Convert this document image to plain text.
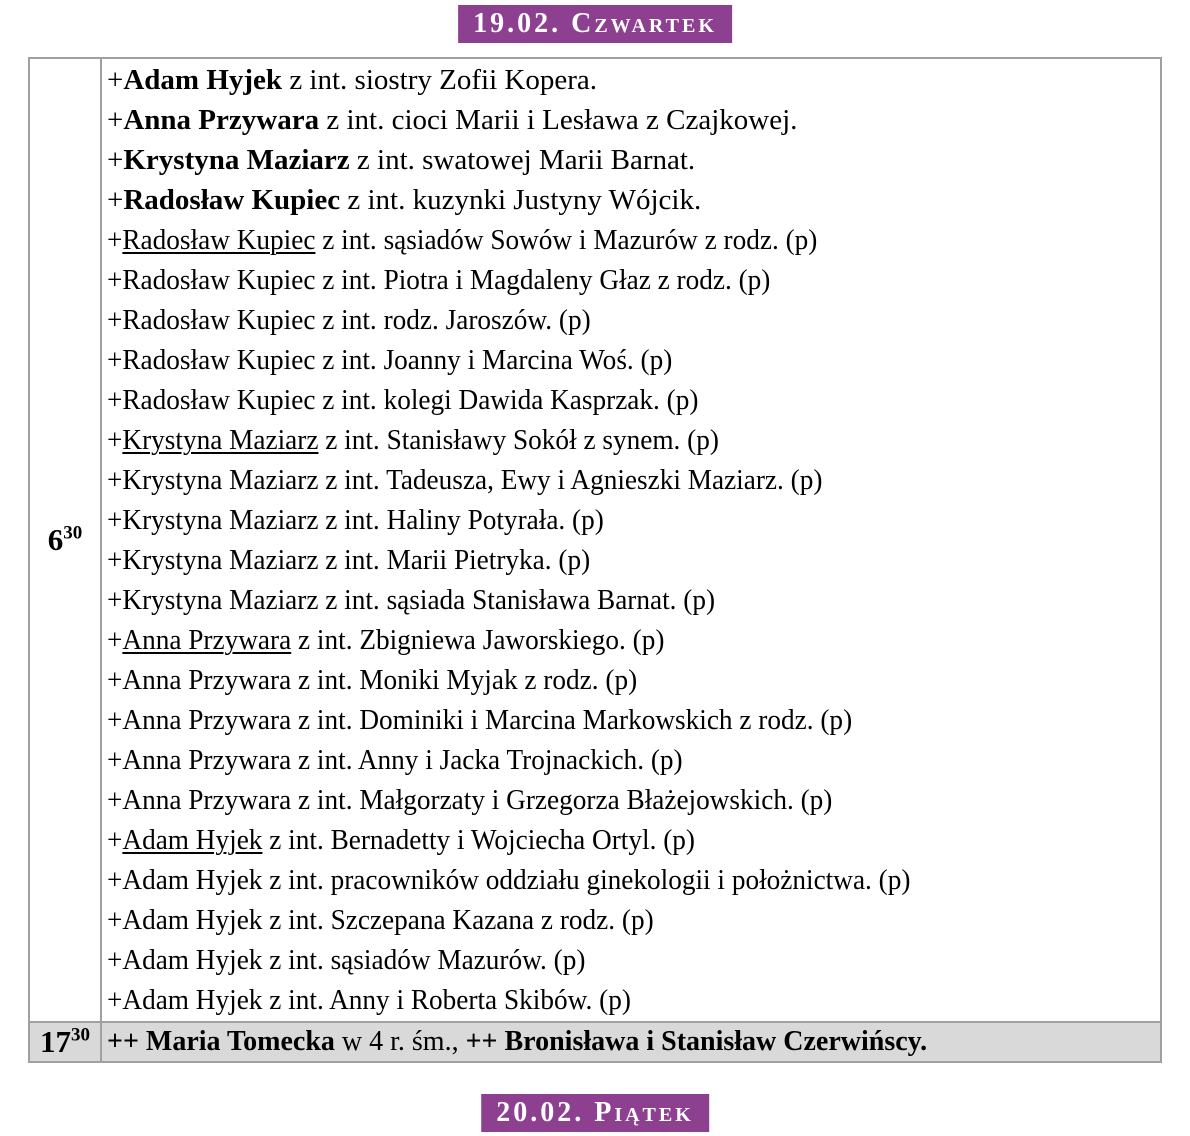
19.02. Czwartek
$6^{30}$
+Adam Hyjek z int. siostry Zofii Kopera.
+Anna Przywara z int. cioci Marii i Lesława z Czajkowej.
+Krystyna Maziarz z int. swatowej Marii Barnat.
+Radosław Kupiec z int. kuzynki Justyny Wójcik.
+Radosław Kupiec z int. sąsiadów Sowów i Mazurów z rodz. (p)
+Radosław Kupiec z int. Piotra i Magdaleny Głaz z rodz. (p)
+Radosław Kupiec z int. rodz. Jaroszów. (p)
+Radosław Kupiec z int. Joanny i Marcina Woś. (p)
+Radosław Kupiec z int. kolegi Dawida Kasprzak. (p)
+Krystyna Maziarz z int. Stanisławy Sokół z synem. (p)
+Krystyna Maziarz z int. Tadeusza, Ewy i Agnieszki Maziarz. (p)
+Krystyna Maziarz z int. Haliny Potyrała. (p)
+Krystyna Maziarz z int. Marii Pietryka. (p)
+Krystyna Maziarz z int. sąsiada Stanisława Barnat. (p)
+Anna Przywara z int. Zbigniewa Jaworskiego. (p)
+Anna Przywara z int. Moniki Myjak z rodz. (p)
+Anna Przywara z int. Dominiki i Marcina Markowskich z rodz. (p)
+Anna Przywara z int. Anny i Jacka Trojnackich. (p)
+Anna Przywara z int. Małgorzaty i Grzegorza Błażejowskich. (p)
+Adam Hyjek z int. Bernadetty i Wojciecha Ortyl. (p)
+Adam Hyjek z int. pracowników oddziału ginekologii i położnictwa. (p)
+Adam Hyjek z int. Szczepana Kazana z rodz. (p)
+Adam Hyjek z int. sąsiadów Mazurów. (p)
+Adam Hyjek z int. Anny i Roberta Skibów. (p)
$17^{30}$ ++ Maria Tomecka w 4 r. śm., ++ Bronisława i Stanisław Czerwińscy.
20.02. Piątek
